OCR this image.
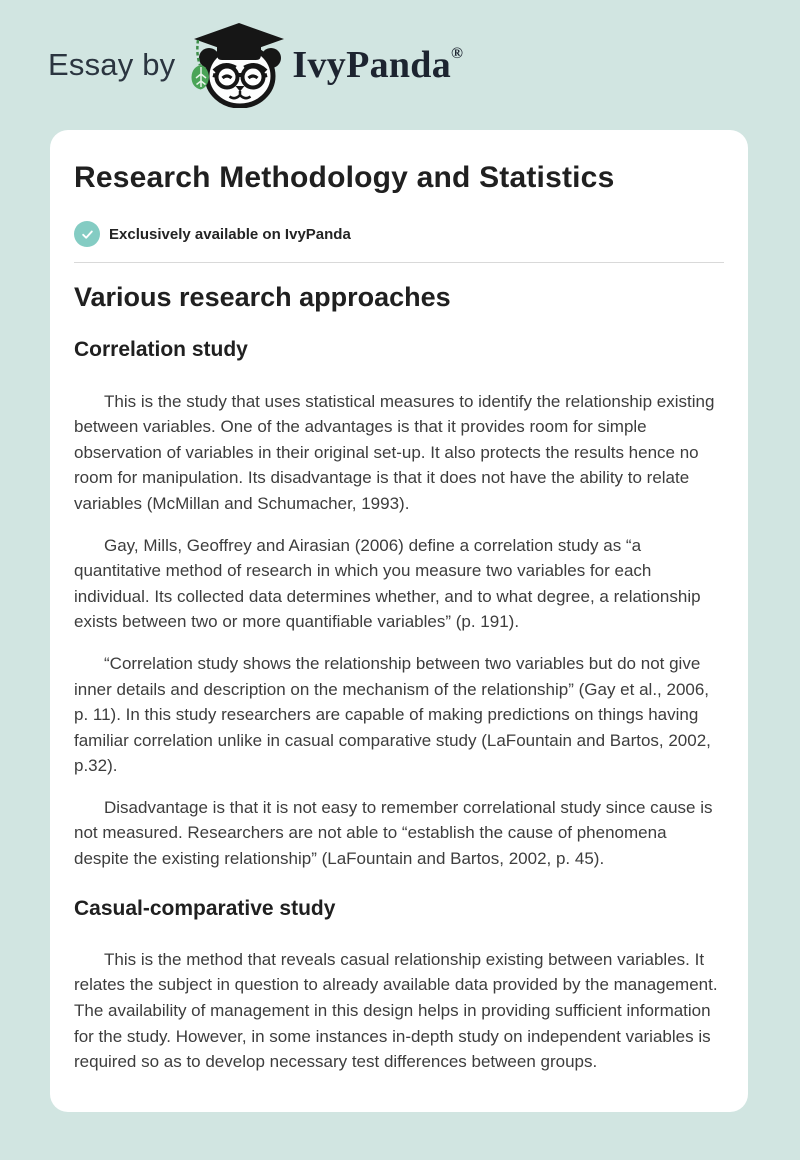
Essay by	IvyPanda®
Research Methodology and Statistics
Exclusively available on IvyPanda
Various research approaches
Correlation study

This is the study that uses statistical measures to identify the relationship existing between variables. One of the advantages is that it provides room for simple observation of variables in their original set-up. It also protects the results hence no room for manipulation. Its disadvantage is that it does not have the ability to relate variables (McMillan and Schumacher, 1993).

Gay, Mills, Geoffrey and Airasian (2006) define a correlation study as “a quantitative method of research in which you measure two variables for each individual. Its collected data determines whether, and to what degree, a relationship exists between two or more quantifiable variables” (p. 191).

“Correlation study shows the relationship between two variables but do not give inner details and description on the mechanism of the relationship” (Gay et al., 2006, p. 11). In this study researchers are capable of making predictions on things having familiar correlation unlike in casual comparative study (LaFountain and Bartos, 2002, p.32).

Disadvantage is that it is not easy to remember correlational study since cause is not measured. Researchers are not able to “establish the cause of phenomena despite the existing relationship” (LaFountain and Bartos, 2002, p. 45).

Casual-comparative study

This is the method that reveals casual relationship existing between variables. It relates the subject in question to already available data provided by the management. The availability of management in this design helps in providing sufficient information for the study. However, in some instances in-depth study on independent variables is required so as to develop necessary test differences between groups.
